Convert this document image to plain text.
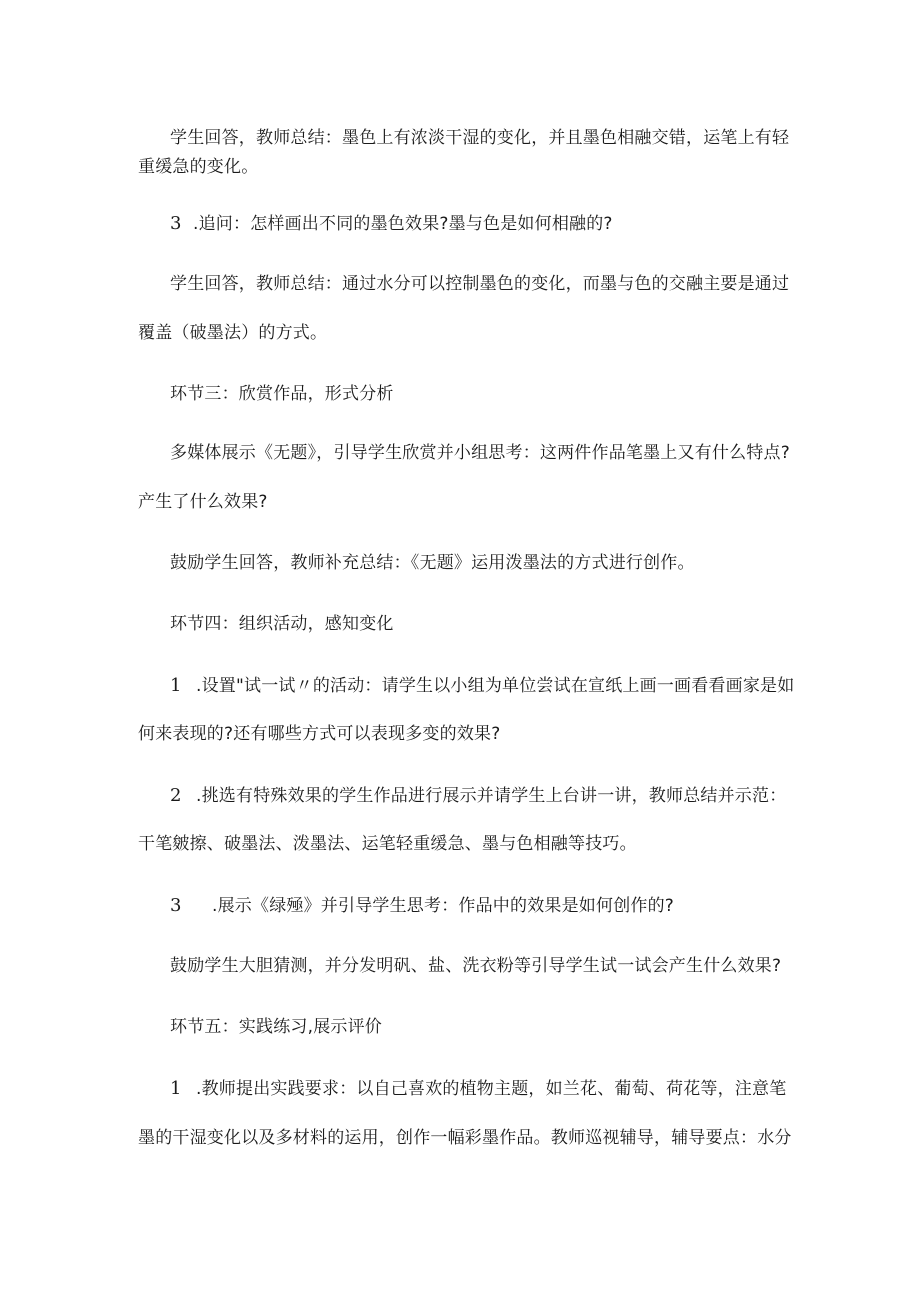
学生回答，教师总结：墨色上有浓淡干湿的变化，并且墨色相融交错，运笔上有轻
重缓急的变化。
3 .追问：怎样画出不同的墨色效果?墨与色是如何相融的?
学生回答，教师总结：通过水分可以控制墨色的变化，而墨与色的交融主要是通过
覆盖（破墨法）的方式。
环节三：欣赏作品，形式分析
多媒体展示《无题》，引导学生欣赏并小组思考：这两件作品笔墨上又有什么特点?
产生了什么效果?
鼓励学生回答，教师补充总结：《无题》运用泼墨法的方式进行创作。
环节四：组织活动，感知变化
1 .设置"试一试〃的活动：请学生以小组为单位尝试在宣纸上画一画看看画家是如
何来表现的?还有哪些方式可以表现多变的效果?
2 .挑选有特殊效果的学生作品进行展示并请学生上台讲一讲，教师总结并示范：
干笔皴擦、破墨法、泼墨法、运笔轻重缓急、墨与色相融等技巧。
3 .展示《绿殛》并引导学生思考：作品中的效果是如何创作的?
鼓励学生大胆猜测，并分发明矾、盐、洗衣粉等引导学生试一试会产生什么效果?
环节五：实践练习,展示评价
1 .教师提出实践要求：以自己喜欢的植物主题，如兰花、葡萄、荷花等，注意笔
墨的干湿变化以及多材料的运用，创作一幅彩墨作品。教师巡视辅导，辅导要点：水分
